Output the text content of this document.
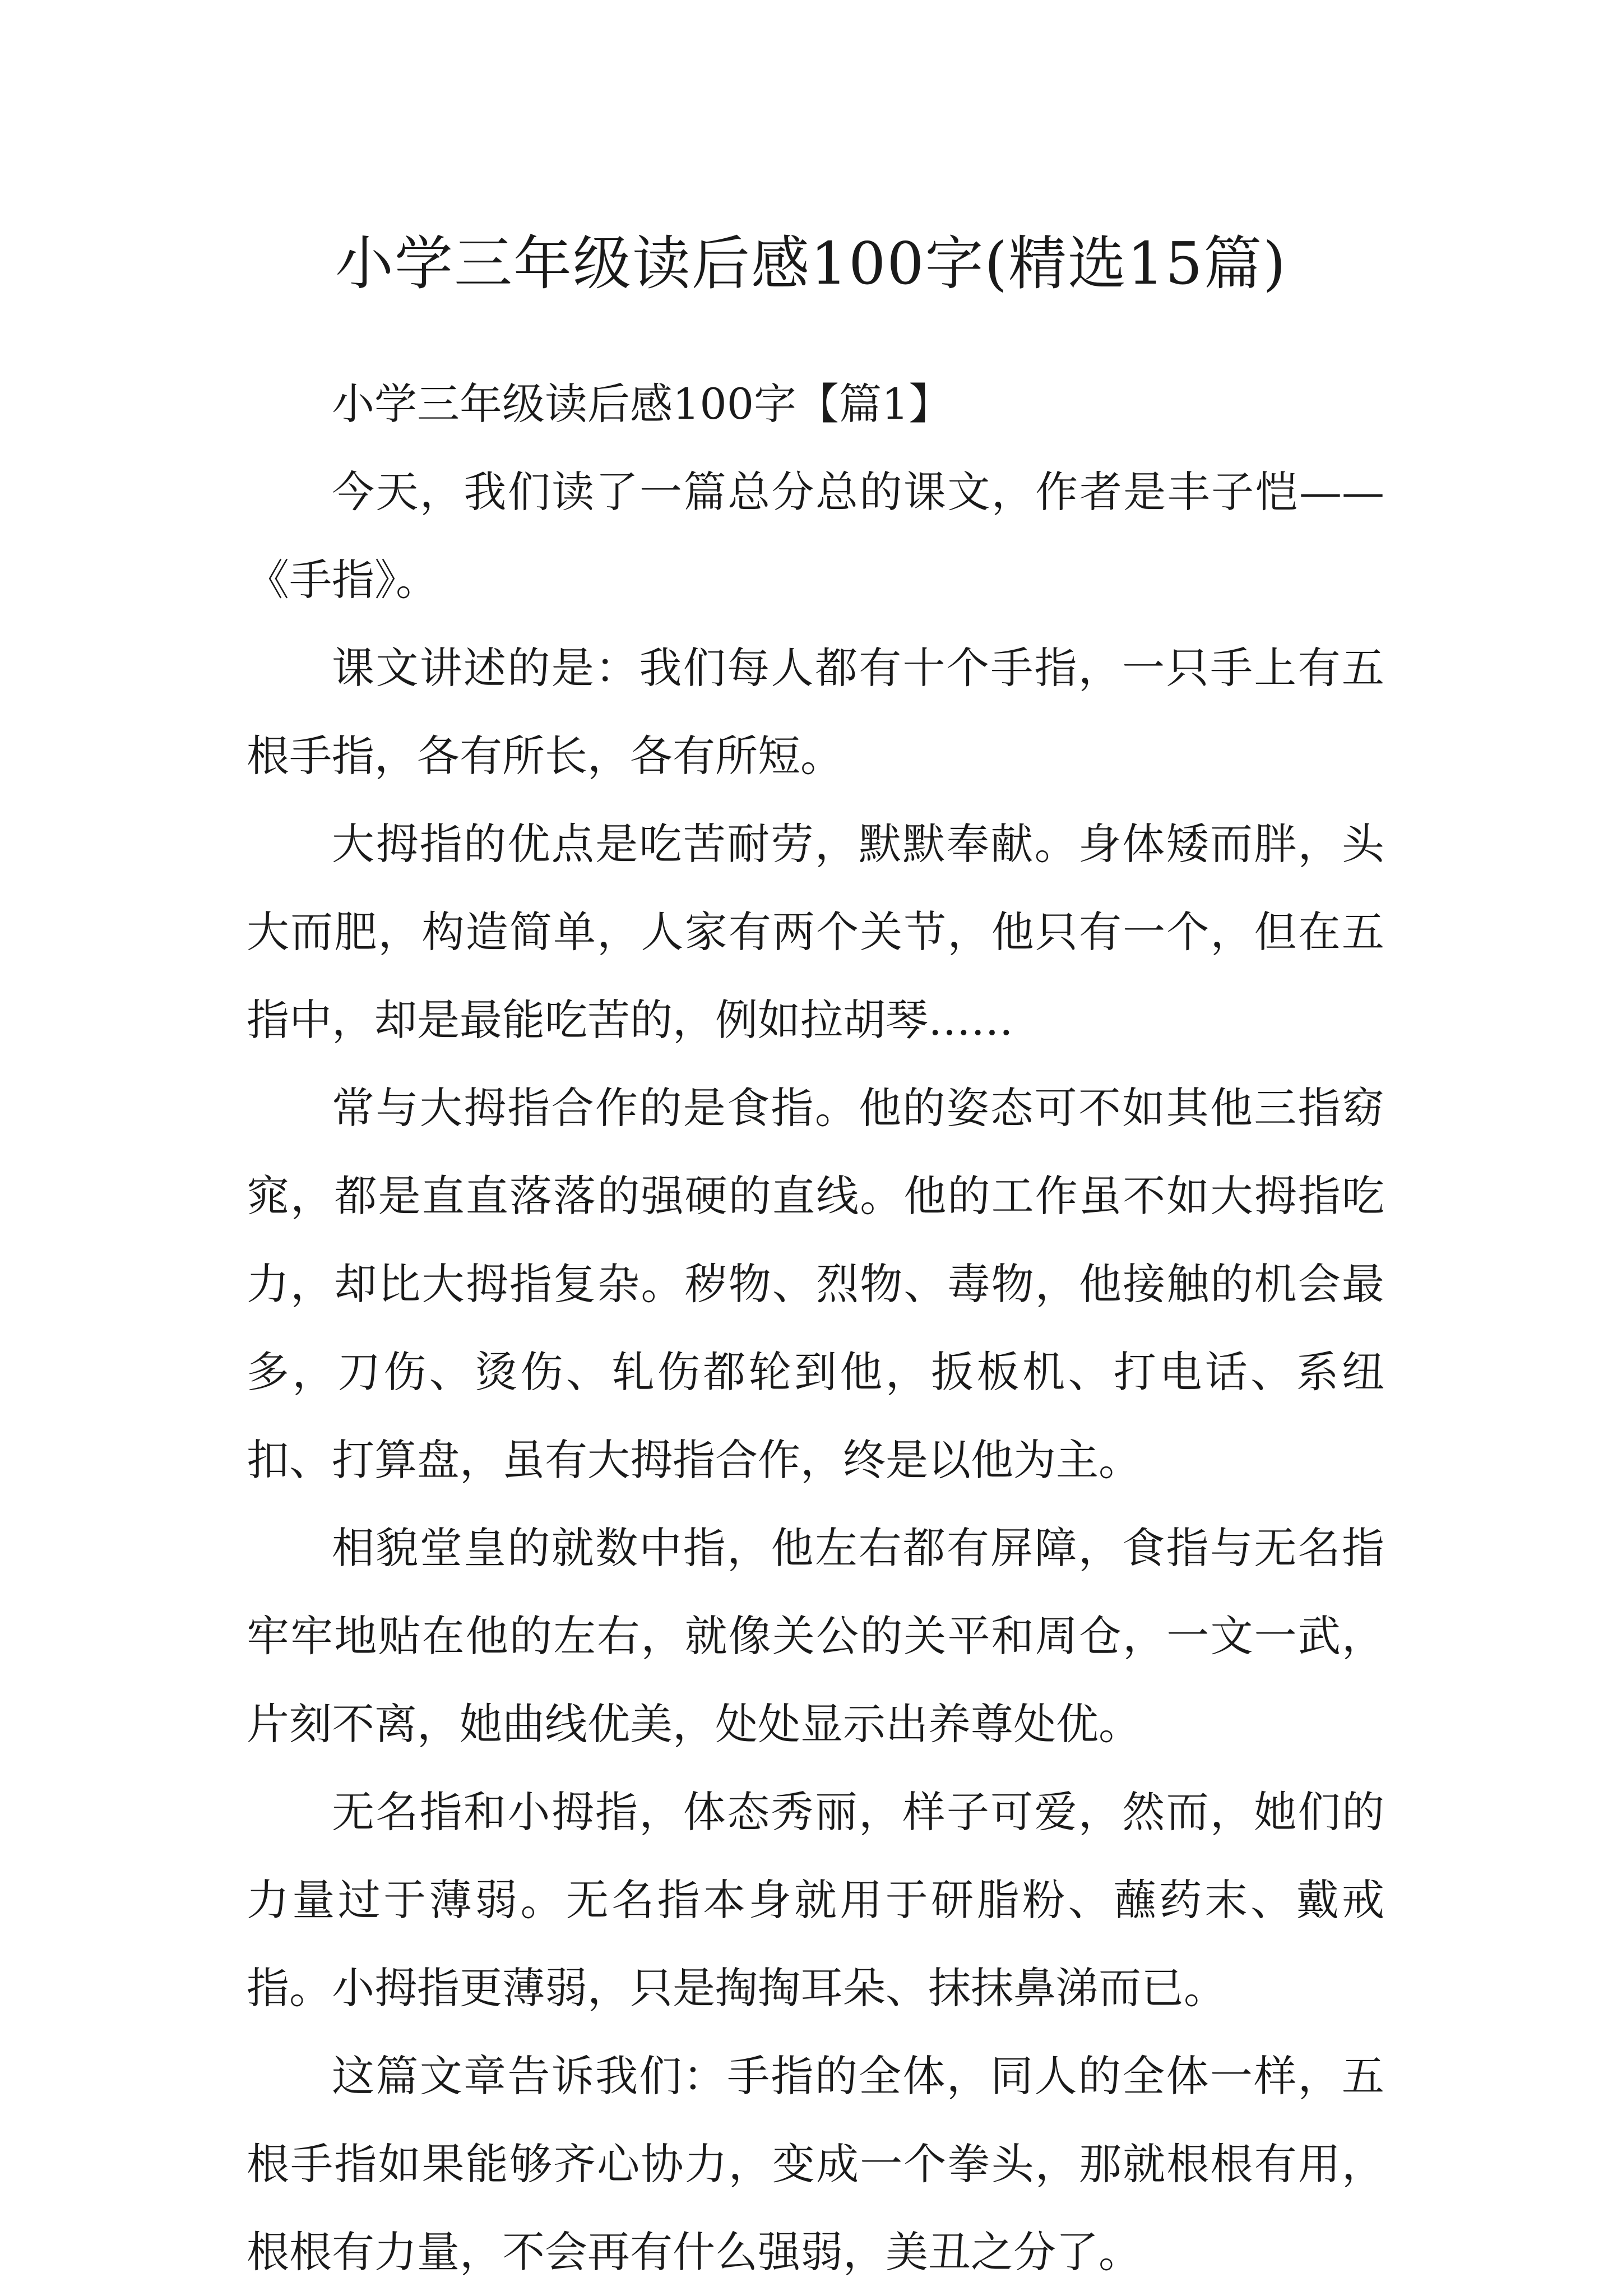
小学三年级读后感100字(精选15篇)

小学三年级读后感100字【篇1】

今天，我们读了一篇总分总的课文，作者是丰子恺——《手指》。

课文讲述的是：我们每人都有十个手指，一只手上有五根手指，各有所长，各有所短。

大拇指的优点是吃苦耐劳，默默奉献。身体矮而胖，头大而肥，构造简单，人家有两个关节，他只有一个，但在五指中，却是最能吃苦的，例如拉胡琴……

常与大拇指合作的是食指。他的姿态可不如其他三指窈窕，都是直直落落的强硬的直线。他的工作虽不如大拇指吃力，却比大拇指复杂。秽物、烈物、毒物，他接触的机会最多，刀伤、烫伤、轧伤都轮到他，扳板机、打电话、系纽扣、打算盘，虽有大拇指合作，终是以他为主。

相貌堂皇的就数中指，他左右都有屏障，食指与无名指牢牢地贴在他的左右，就像关公的关平和周仓，一文一武，片刻不离，她曲线优美，处处显示出养尊处优。

无名指和小拇指，体态秀丽，样子可爱，然而，她们的力量过于薄弱。无名指本身就用于研脂粉、蘸药末、戴戒指。小拇指更薄弱，只是掏掏耳朵、抹抹鼻涕而已。

这篇文章告诉我们：手指的全体，同人的全体一样，五根手指如果能够齐心协力，变成一个拳头，那就根根有用，根根有力量，不会再有什么强弱，美丑之分了。
